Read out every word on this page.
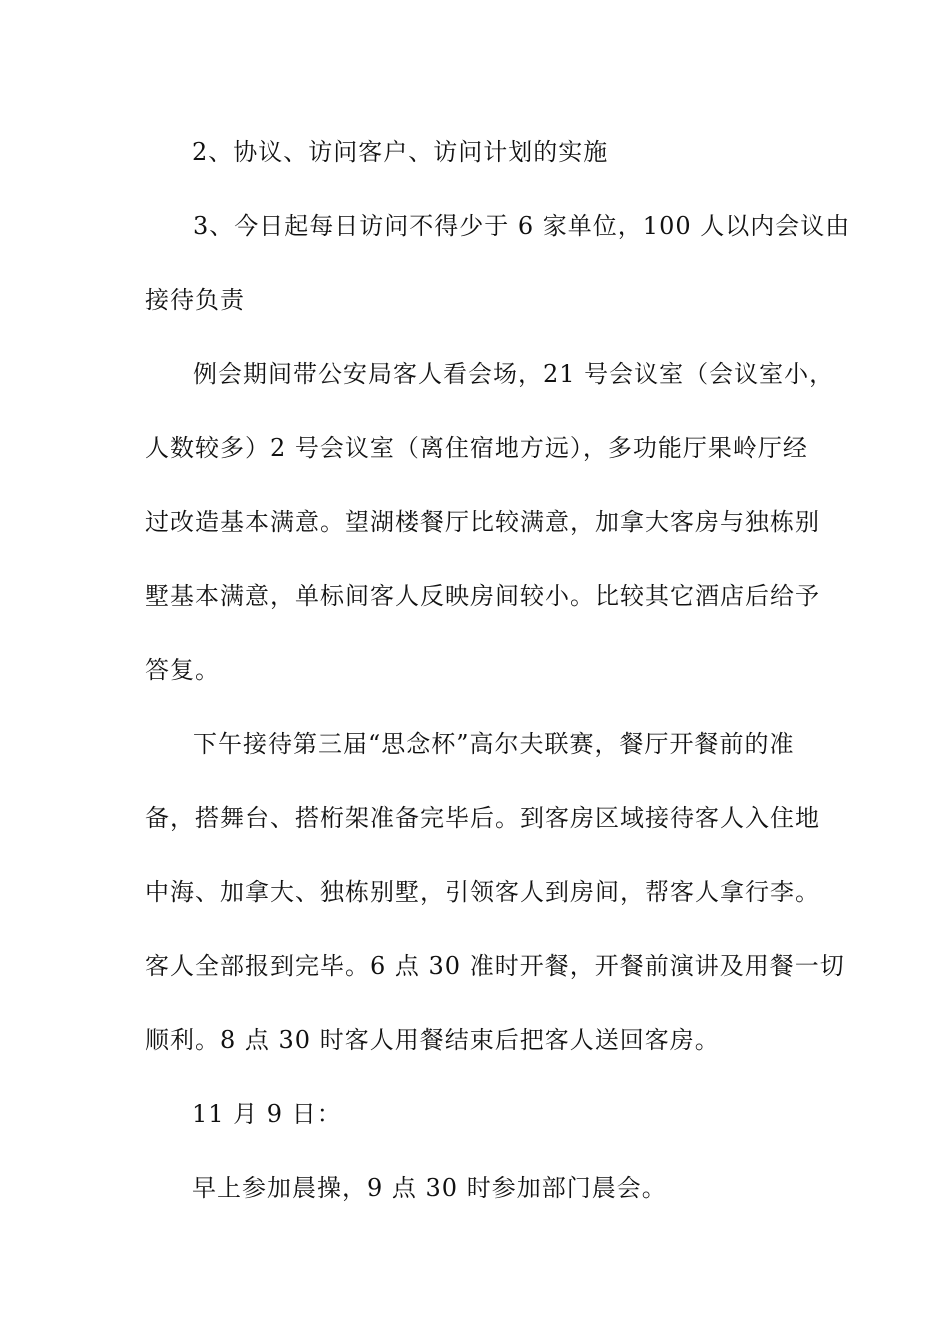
2、协议、访问客户、访问计划的实施

3、今日起每日访问不得少于 6 家单位，100 人以内会议由
接待负责

例会期间带公安局客人看会场，21 号会议室（会议室小，
人数较多）2 号会议室（离住宿地方远），多功能厅果岭厅经
过改造基本满意。望湖楼餐厅比较满意，加拿大客房与独栋别
墅基本满意，单标间客人反映房间较小。比较其它酒店后给予
答复。

下午接待第三届“思念杯”高尔夫联赛，餐厅开餐前的准
备，搭舞台、搭桁架准备完毕后。到客房区域接待客人入住地
中海、加拿大、独栋别墅，引领客人到房间，帮客人拿行李。
客人全部报到完毕。6 点 30 准时开餐，开餐前演讲及用餐一切
顺利。8 点 30 时客人用餐结束后把客人送回客房。

11 月 9 日：

早上参加晨操，9 点 30 时参加部门晨会。
